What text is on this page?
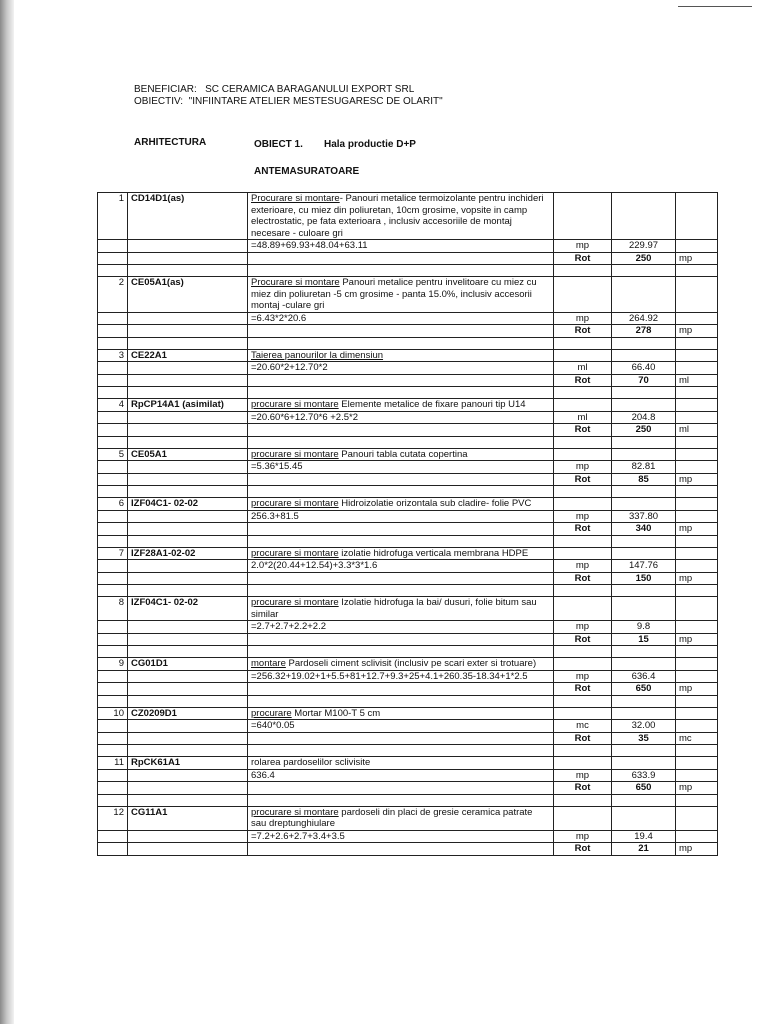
BENEFICIAR:   SC CERAMICA BARAGANULUI EXPORT SRL
OBIECTIV:  "INFIINTARE ATELIER MESTESUGARESC DE OLARIT"
ARHITECTURA	OBIECT 1. Hala productie D+P
ANTEMASURATOARE
1	CD14D1(as)	Procurare si montare- Panouri metalice termoizolante pentru inchideri exterioare, cu miez din poliuretan, 10cm grosime, vopsite in camp electrostatic, pe fata exterioara , inclusiv accesoriile de montaj necesare - culoare gri			
		=48.89+69.93+48.04+63.11	mp	229.97	
			Rot	250	mp

2	CE05A1(as)	Procurare si montare Panouri metalice pentru invelitoare cu miez cu miez din poliuretan -5 cm grosime - panta 15.0%, inclusiv accesorii montaj -culare gri			
		=6.43*2*20.6	mp	264.92	
			Rot	278	mp

3	CE22A1	Taierea panourilor la dimensiun			
		=20.60*2+12.70*2	ml	66.40	
			Rot	70	ml

4	RpCP14A1 (asimilat)	procurare si montare Elemente metalice de fixare panouri tip U14			
		=20.60*6+12.70*6 +2.5*2	ml	204.8	
			Rot	250	ml

5	CE05A1	procurare si montare Panouri tabla cutata copertina			
		=5.36*15.45	mp	82.81	
			Rot	85	mp

6	IZF04C1- 02-02	procurare si montare Hidroizolatie orizontala sub cladire- folie PVC			
		256.3+81.5	mp	337.80	
			Rot	340	mp

7	IZF28A1-02-02	procurare si montare izolatie hidrofuga verticala membrana HDPE			
		2.0*2(20.44+12.54)+3.3*3*1.6	mp	147.76	
			Rot	150	mp

8	IZF04C1- 02-02	procurare si montare Izolatie hidrofuga la bai/ dusuri, folie bitum sau similar			
		=2.7+2.7+2.2+2.2	mp	9.8	
			Rot	15	mp

9	CG01D1	montare Pardoseli ciment sclivisit (inclusiv pe scari exter si trotuare)			
		=256.32+19.02+1+5.5+81+12.7+9.3+25+4.1+260.35-18.34+1*2.5	mp	636.4	
			Rot	650	mp

10	CZ0209D1	procurare Mortar M100-T 5 cm			
		=640*0.05	mc	32.00	
			Rot	35	mc

11	RpCK61A1	rolarea pardoselilor sclivisite			
		636.4	mp	633.9	
			Rot	650	mp

12	CG11A1	procurare si montare pardoseli din placi de gresie ceramica patrate sau dreptunghiulare			
		=7.2+2.6+2.7+3.4+3.5	mp	19.4	
			Rot	21	mp
